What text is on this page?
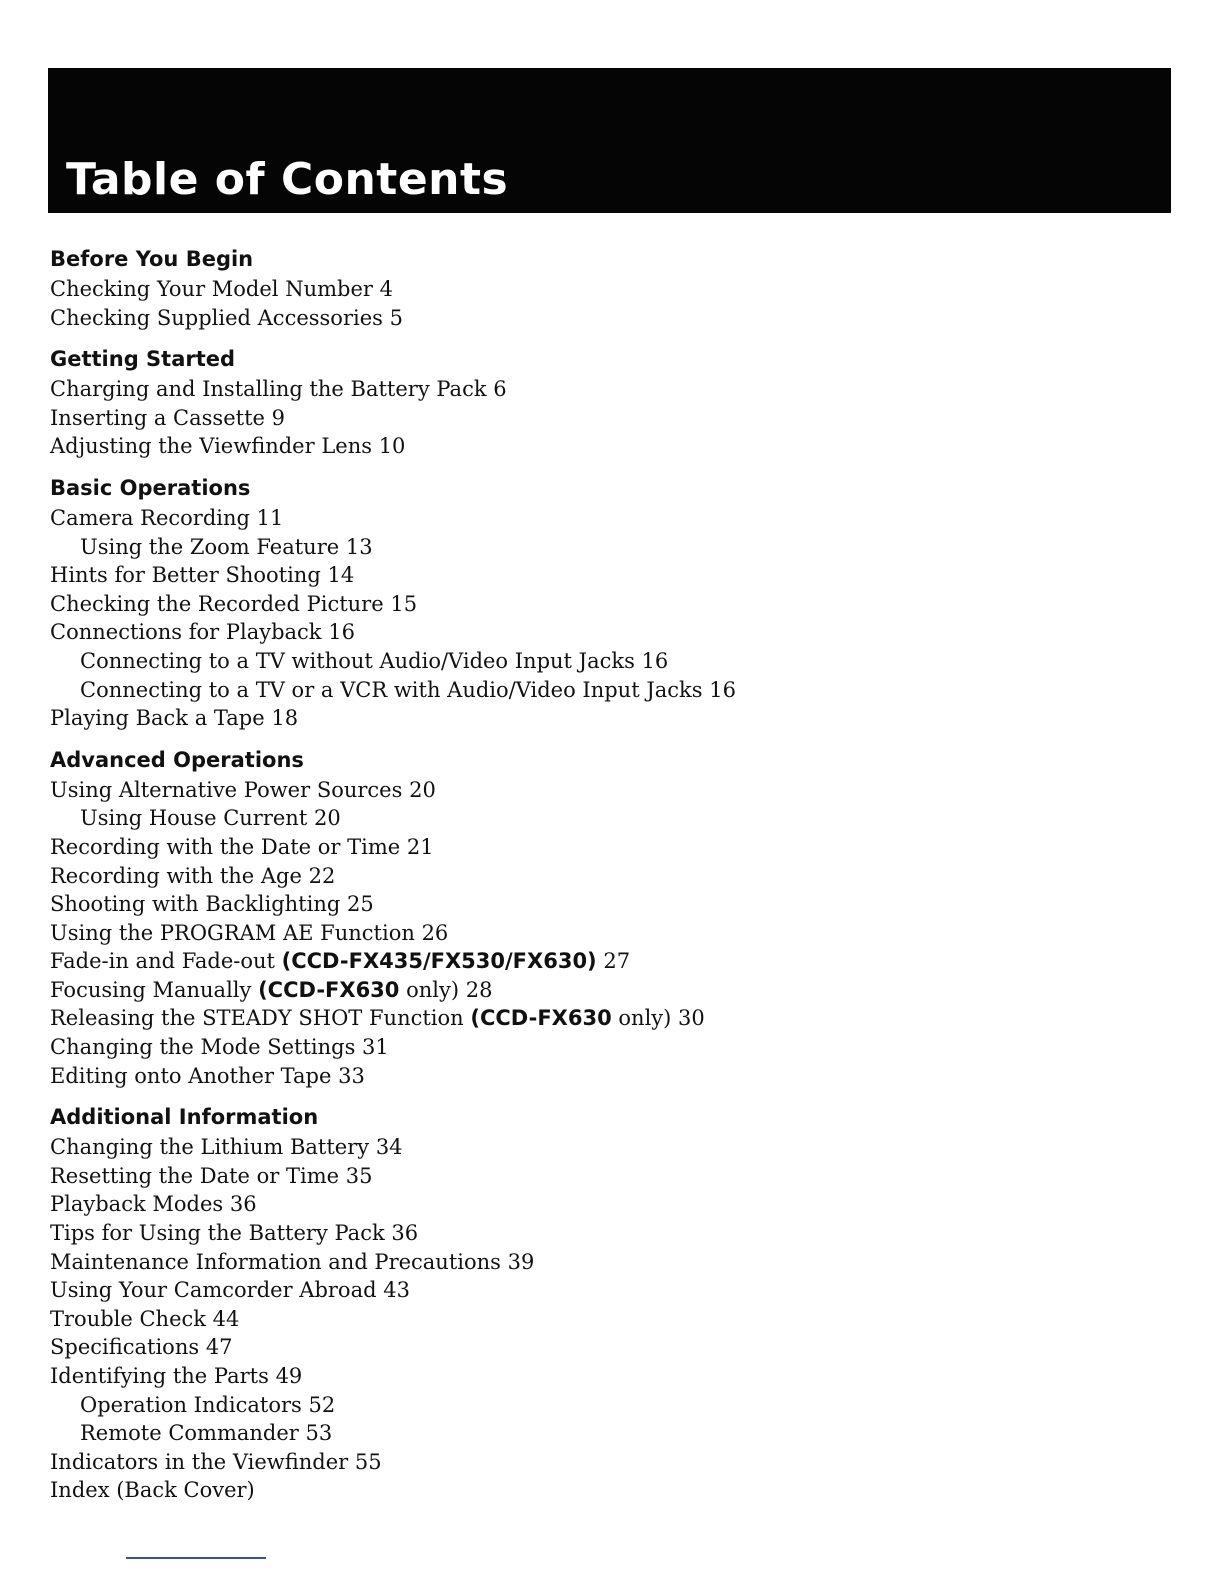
Table of Contents
Before You Begin
Checking Your Model Number 4
Checking Supplied Accessories 5
Getting Started
Charging and Installing the Battery Pack 6
Inserting a Cassette 9
Adjusting the Viewfinder Lens 10
Basic Operations
Camera Recording 11
Using the Zoom Feature 13
Hints for Better Shooting 14
Checking the Recorded Picture 15
Connections for Playback 16
Connecting to a TV without Audio/Video Input Jacks 16
Connecting to a TV or a VCR with Audio/Video Input Jacks 16
Playing Back a Tape 18
Advanced Operations
Using Alternative Power Sources 20
Using House Current 20
Recording with the Date or Time 21
Recording with the Age 22
Shooting with Backlighting 25
Using the PROGRAM AE Function 26
Fade-in and Fade-out (CCD-FX435/FX530/FX630) 27
Focusing Manually (CCD-FX630 only) 28
Releasing the STEADY SHOT Function (CCD-FX630 only) 30
Changing the Mode Settings 31
Editing onto Another Tape 33
Additional Information
Changing the Lithium Battery 34
Resetting the Date or Time 35
Playback Modes 36
Tips for Using the Battery Pack 36
Maintenance Information and Precautions 39
Using Your Camcorder Abroad 43
Trouble Check 44
Specifications 47
Identifying the Parts 49
Operation Indicators 52
Remote Commander 53
Indicators in the Viewfinder 55
Index (Back Cover)
